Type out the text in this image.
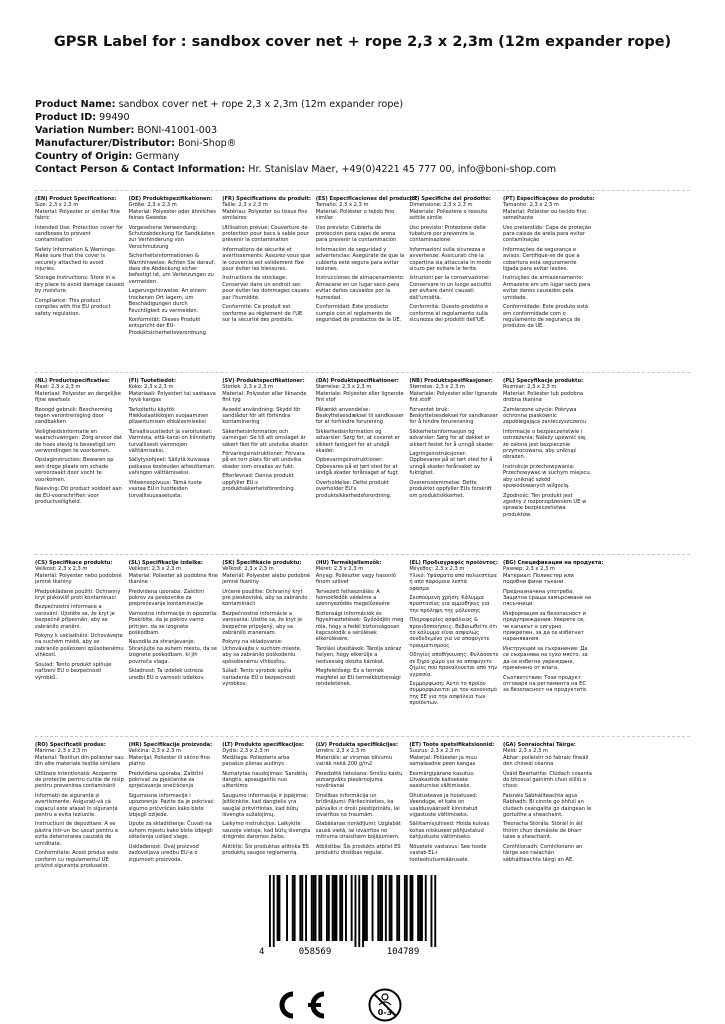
GPSR Label for : sandbox cover net + rope 2,3 x 2,3m (12m expander rope)
Product Name: sandbox cover net + rope 2,3 x 2,3m (12m expander rope)
Product ID: 99490
Variation Number: BONI-41001-003
Manufacturer/Distributor: Boni-Shop®
Country of Origin: Germany
Contact Person & Contact Information: Hr. Stanislav Maer, +49(0)4221 45 777 00, info@boni-shop.com
(EN) Product Specifications:

Size: 2,3 x 2,3 m
Material: Polyester or similar fine fabric

Intended Use: Protection cover for sandboxes to prevent contamination

Safety Information & Warnings: Make sure that the cover is securely attached to avoid injuries.

Storage Instructions: Store in a dry place to avoid damage caused by moisture.

Compliance: This product complies with the EU product safety regulation.

(DE) Produktspezifikationen:

Größe: 2,3 x 2,3 m
Material: Polyester oder ähnliches feines Gewebe

Vorgesehene Verwendung: Schutzabdeckung für Sandkästen zur Verhinderung von Verschmutzung

Sicherheitsinformationen & Warnhinweise: Achten Sie darauf, dass die Abdeckung sicher befestigt ist, um Verletzungen zu vermeiden.

Lagerungshinweise: An einem trockenen Ort lagern, um Beschädigungen durch Feuchtigkeit zu vermeiden.

Konformität: Dieses Produkt entspricht der EU-Produktsicherheitsverordnung.

(FR) Spécifications du produit:

Taille: 2,3 x 2,3 m
Matériau: Polyester ou tissus fins similaires

Utilisation prévue: Couverture de protection pour bacs à sable pour prévenir la contamination

Informations de sécurité et avertissements: Assurez-vous que le couvercle est solidement fixé pour éviter les blessures.

Instructions de stockage: Conserver dans un endroit sec pour éviter les dommages causés par l'humidité.

Conformité: Ce produit est conforme au règlement de l'UE sur la sécurité des produits.

(ES) Especificaciones del producto:

Tamaño: 2,3 x 2,3 m
Material: Poliéster o tejido fino similar

Uso previsto: Cubierta de protección para cajas de arena para prevenir la contaminación

Información de seguridad y advertencias: Asegúrate de que la cubierta esté segura para evitar lesiones.

Instrucciones de almacenamiento: Almacene en un lugar seco para evitar daños causados por la humedad.

Conformidad: Este producto cumple con el reglamento de seguridad de productos de la UE.

(IT) Specifiche del prodotto:

Dimensione: 2,3 x 2,3 m
Materiale: Poliestere o tessuto sottile simile

Uso previsto: Protezione delle tubature per prevenire la contaminazione

Informazioni sulla sicurezza e avvertenze: Assicurati che la copertina sia attaccata in modo sicuro per evitare le ferite.

Istruzioni per la conservazione: Conservare in un luogo asciutto per evitare danni causati dall'umidità.

Conformità: Questo prodotto è conforme al regolamento sulla sicurezza dei prodotti dell'UE.

(PT) Especificações do produto:

Tamanho: 2,3 x 2,3 m
Material: Poliéster ou tecido fino semelhante

Uso pretendido: Capa de proteção para caixas de areia para evitar contaminação

Informações de segurança e avisos: Certifique-se de que a cobertura está seguramente ligada para evitar lesões.

Instruções de armazenamento: Armazene em um lugar seco para evitar danos causados pela umidade.

Conformidade: Este produto está em conformidade com o regulamento de segurança de produtos da UE.

(NL) Productspecificaties:

Maat: 2,3 x 2,3 m
Materiaal: Polyester en dergelijke fijne weefsels

Beoogd gebruik: Bescherming tegen verontreiniging door zandbakken

Veiligheidsinformatie en waarschuwingen: Zorg ervoor dat de hoes stevig is bevestigd om verwondingen te voorkomen.

Opslaginstructies: Bewaren op een droge plaats om schade veroorzaakt door vocht te voorkomen.

Naleving: Dit product voldoet aan de EU-voorschriften voor productveiligheid.

(FI) Tuotetiedot:

Koko: 2,3 x 2,3 m
Materiaali: Polyesteri tai vastaava hyvä kangas

Tarkoitettu käyttö: Hiekkalaatikkojen suojaaminen pilaantumisen ehkäisemiseksi

Turvallisuustiedot ja varoitukset: Varmista, että kansi on kiinnitetty turvallisesti vammojen välttämiseksi.

Säilytysohjeet: Säilytä kuivassa paikassa kosteuden aiheuttaman vahingon välttämiseksi.

Yhteensopivuus: Tämä tuote vastaa EU:n tuotteiden turvallisuusasetusta.

(SV) Produktspecifikationer:

Storlek: 2,3 x 2,3 m
Material: Polyester eller liknande fint tyg

Avsedd användning: Skydd för sandlådor för att förhindra kontaminering

Säkerhetsinformation och varningar: Se till att omslaget är säkert fäst för att undvika skador.

Förvaringsinstruktioner: Förvara på en torr plats för att undvika skador som orsakas av fukt.

Efterlevnad: Denna produkt uppfyller EU:s produktsäkerhetsförordning.

(DA) Produktspecifikationer:

Størrelse: 2,3 x 2,3 m
Materiale: Polyester eller lignende fint stof

Påtænkt anvendelse: Beskyttelsesdæksel til sandkasser for at forhindre forurening

Sikkerhedsinformation og advarsler: Sørg for, at coveret er sikkert fastgjort for at undgå skader.

Opbevaringsinstruktioner: Opbevares på et tørt sted for at undgå skader forårsaget af fugt.

Overholdelse: Dette produkt overholder EU's produktsikkerhedsforordning.

(NB) Produktspesifikasjoner:

Størrelse: 2,3 x 2,3 m
Materiale: Polyester eller lignende fint stoff

Forventet bruk: Beskyttelsesdeksel for sandkasser for å hindre forurensning

Sikkerhetsinformasjon og advarsler: Sørg for at dekket er sikkert festet for å unngå skader.

Lagringsinstruksjoner: Oppbevares på et tørt sted for å unngå skader forårsaket av fuktighet.

Overensstemmelse: Dette produktet oppfyller EUs forskrift om produktsikkerhet.

(PL) Specyfikacje produktu:

Rozmiar: 2,3 x 2,3 m
Materiał: Poliester lub podobna drobna tkanina

Zamierzone użycie: Pokrywa ochronna piaskownic zapobiegająca zanieczyszczeniu

Informacje o bezpieczeństwie i ostrzeżenia: Należy upewnić się, że osłona jest bezpiecznie przymocowana, aby uniknąć obrażeń.

Instrukcje przechowywania: Przechowywać w suchym miejscu, aby uniknąć szkód spowodowanych wilgocią.

Zgodność: Ten produkt jest zgodny z rozporządzeniem UE w sprawie bezpieczeństwa produktów.

(CS) Specifikace produktu:

Velikost: 2,3 x 2,3 m
Materiál: Polyester nebo podobné jemné tkaniny

Předpokládané použití: Ochranný kryt pískovišť proti kontaminaci

Bezpečnostní informace a varování: Ujistěte se, že kryt je bezpečně připevněn, aby se zabránilo zranění.

Pokyny k uskladnění: Uchovávejte na suchém místě, aby se zabránilo poškození způsobenému vlhkostí.

Soulad: Tento produkt splňuje nařízení EU o bezpečnosti výrobků.

(SL) Specifikacije izdelka:

Velikost: 2,3 x 2,3 m
Material: Poliester ali podobne fine tkanine

Predvidena uporaba: Zaščitni pokrov za peskovnike za preprečevanje kontaminacije

Varnostne informacije in opozorila: Poskrbite, da je pokrov varno pritrjen, da se izognete poškodbam.

Navodila za shranjevanje: Shranjujte na suhem mestu, da se izognete poškodbam, ki jih povzroča vlaga.

Skladnost: Ta izdelek ustreza uredbi EU o varnosti izdelkov.

(SK) Špecifikácie produktu:

Veľkosť: 2,3 x 2,3 m
Materiál: Polyester alebo podobné jemné tkaniny

Určené použitie: Ochranný kryt pre pieskoviská, aby sa zabránilo kontaminácii

Bezpečnostné informácie a varovania: Uistite sa, že kryt je bezpečne pripojený, aby sa zabránilo zraneniam.

Pokyny na skladovanie: Uchovávajte v suchom mieste, aby sa zabránilo poškodeniu spôsobenému vlhkosťou.

Súlad: Tento výrobok spĺňa nariadenie EÚ o bezpečnosti výrobkov.

(HU) Termékjellemzők:

Méret: 2,3 x 2,3 m
Anyag: Poliészter vagy hasonló finom szövet

Tervezett felhasználás: A homokfedők védelme a szennyeződés megelőzésére

Biztonsági információk és figyelmeztetések: Győződjön meg róla, hogy a fedél biztonságosan kapcsolódik a sérülések elkerülésére.

Tárolási utasítások: Tárolja száraz helyen, hogy elkerülje a nedvesség okozta károkat.

Megfelelőség: Ez a termék megfelel az EU termékbiztonsági rendeletének.

(EL) Προδιαγραφές προϊόντος:

Μέγεθος: 2,3 x 2,3 m
Υλικό: Υφάσματα από πολυεστέρα ή από παρόμοια λεπτά
ύφασμα

Σκοπούμενη χρήση: Κάλυμμα προστασίας για αμμοθήκες για την πρόληψη της μόλυνσης

Πληροφορίες ασφάλειας & προειδοποιήσεις: Βεβαιωθείτε ότι το κάλυμμα είναι ασφαλώς συνδεδεμένο για να αποφύγετε τραυματισμούς.

Οδηγίες αποθήκευσης: Φυλάσσετε σε ξηρό χώρο για να αποφύγετε ζημίες που προκαλούνται από την υγρασία.

Συμμόρφωση: Αυτό το προϊόν συμμορφώνεται με τον κανονισμό της ΕΕ για την ασφάλεια των προϊόντων.

(BG) Спецификации на продукта:

Размер: 2,3 x 2,3 m
Материал: Полиестер или подобни фини тъкани

Предназначена употреба: Защитна сраща замърсяване на пясъчници

Информация за безопасност и предупреждения: Уверете се, че капакът е сигурно прикрепен, за да се избегнат наранявания.

Инструкции за съхранение: Да се съхранява на сухо място, за да се избегне увреждане, причинено от влага.

Съответствие: Този продукт отговаря на регламента на ЕС за безопасност на продуктите.

(RO) Specificații produs:

Mărime: 2,3 x 2,3 m
Material: Textiluri din poliester sau din alte materiale textile similare

Utilizare intenționată: Acoperire de protecție pentru cutiile de nisip pentru prevenirea contaminării

Informații de siguranță și avertismente: Asigurați-vă că capacul este atașat în siguranță pentru a evita leziunile.

Instrucțiuni de depozitare: A se păstra într-un loc uscat pentru a evita deteriorarea cauzată de umiditate.

Conformitate: Acest produs este conform cu regulamentul UE privind siguranța produselor.

(HR) Specifikacije proizvoda:

Veličina: 2,3 x 2,3 m
Materijal: Poliester ili slično fino platno

Predviđena uporaba: Zaštitni pokrivač za pješčanike za sprječavanje onečišćenja

Sigurnosne informacije i upozorenja: Pazite da je pokrivač sigurno pričvršćen kako biste izbjegli ozljede.

Upute za skladištenje: Čuvati na suhom mjestu kako biste izbjegli oštećenja uslijed vlage.

Usklađenost: Ovaj proizvod zadovoljava uredbu EU-a o sigurnosti proizvoda.

(LT) Produkto specifikacijos:

Dydis: 2,3 x 2,3 m
Medžiaga: Poliesteris arba panašus plonas audinys

Numatytas naudojimas: Sandėlių dangtis, apsaugantis nuo užteršimo

Saugumo informacija ir įspėjimai: Įsitikinkite, kad dangtelis yra saugiai pritvirtintas, kad būtų išvengta sužalojimų.

Laikymo instrukcijos: Laikykite sausoje vietoje, kad būtų išvengta drėgmės daromos žalos.

Atitiktis: Šis produktas atitinka ES produktų saugos reglamentą.

(LV) Produkta specifikācijas:

Izmērs: 2,3 x 2,3 m
Materiāls: ar virsmas blīvumu vairāk nekā 200 g/m2

Paredzētā lietošana: Smilšu kastu aizsargvāks piesārņojuma novēršanai

Drošības informācija un brīdinājumi: Pārliecinieties, ka pārvalks ir droši piestiprināts, lai izvairītos no traumām.

Glabāšanas norādījumi: Uzglabāt sausā vietā, lai izvairītos no mitruma izraisītiem bojājumiem.

Atbilstība: Šis produkts atbilst ES produktu drošības regulai.

(ET) Toote spetsifikatsioonid:

Suurus: 2,3 x 2,3 m
Materjal: Polüester ja muu samalaadne peen kangas

Eesmärgipärane kasutus: Liivakastide kaitsekate saasturnise vältimiseks

Ohutusteave ja hoiatused: Veenduge, et kate on usaldusväärselt kinnitatud vigastuste vältimiseks.

Säilitamisjuhised: Hoida kuivas kohas niiskusest põhjustatud kahjustuste vältimiseks.

Nõuetele vastavus: See toode vastab EL-i tooteohutusmäärusele.

(GA) Sonraíochtaí Táirge:

Méid: 2,3 x 2,3 m
Ábhar: poileistir nó fabraic fíneáil den chineál céanna

Úsáid Beartaithe: Clúdach cosanta do bhoscaí gainimh chun éilliú a chosc

Faisnéis Sábháilteachta agus Rabhadh: Bí cinnte go bhfuil an clúdach ceangailte go daingean le gortuithe a sheachaint.

Treoracha Stórála: Stóráil in áit thirim chun damáiste de bharr taise a sheachaint.

Comhlíonadh: Comhlíonann an táirge seo rialachán sábháilteachta táirgí an AE.

4	058569	104789
CE
0-3
